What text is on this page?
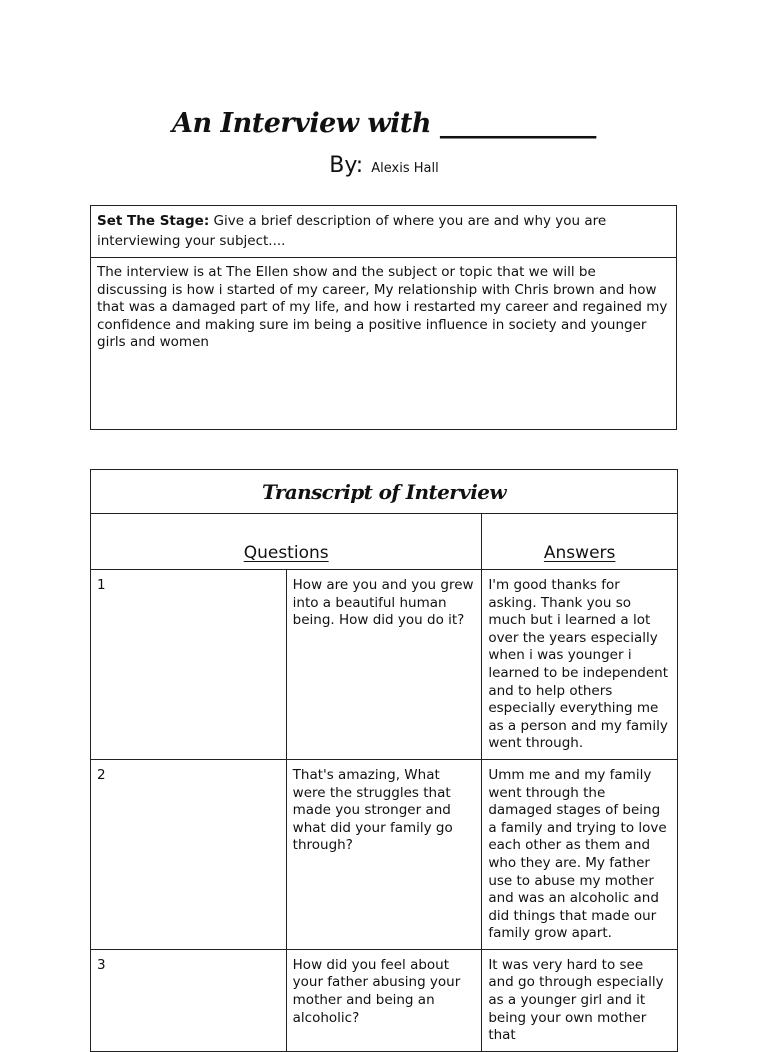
An Interview with ____________
By: Alexis Hall
Set The Stage: Give a brief description of where you are and why you are interviewing your subject....
The interview is at The Ellen show and the subject or topic that we will be discussing is how i started of my career, My relationship with Chris brown and how that was a damaged part of my life, and how i restarted my career and regained my confidence and making sure im being a positive influence in society and younger girls and women
Transcript of Interview		
Questions		Answers
1	How are you and you grew into a beautiful human being. How did you do it?	I'm good thanks for asking. Thank you so much but i learned a lot over the years especially when i was younger i learned to be independent and to help others especially everything me as a person and my family went through.
2	That's amazing, What were the struggles that made you stronger and what did your family go through?	Umm me and my family went through the damaged stages of being a family and trying to love each other as them and who they are. My father use to abuse my mother and was an alcoholic and did things that made our family grow apart.
3	How did you feel about your father abusing your mother and being an alcoholic?	It was very hard to see and go through especially as a younger girl and it being your own mother that
